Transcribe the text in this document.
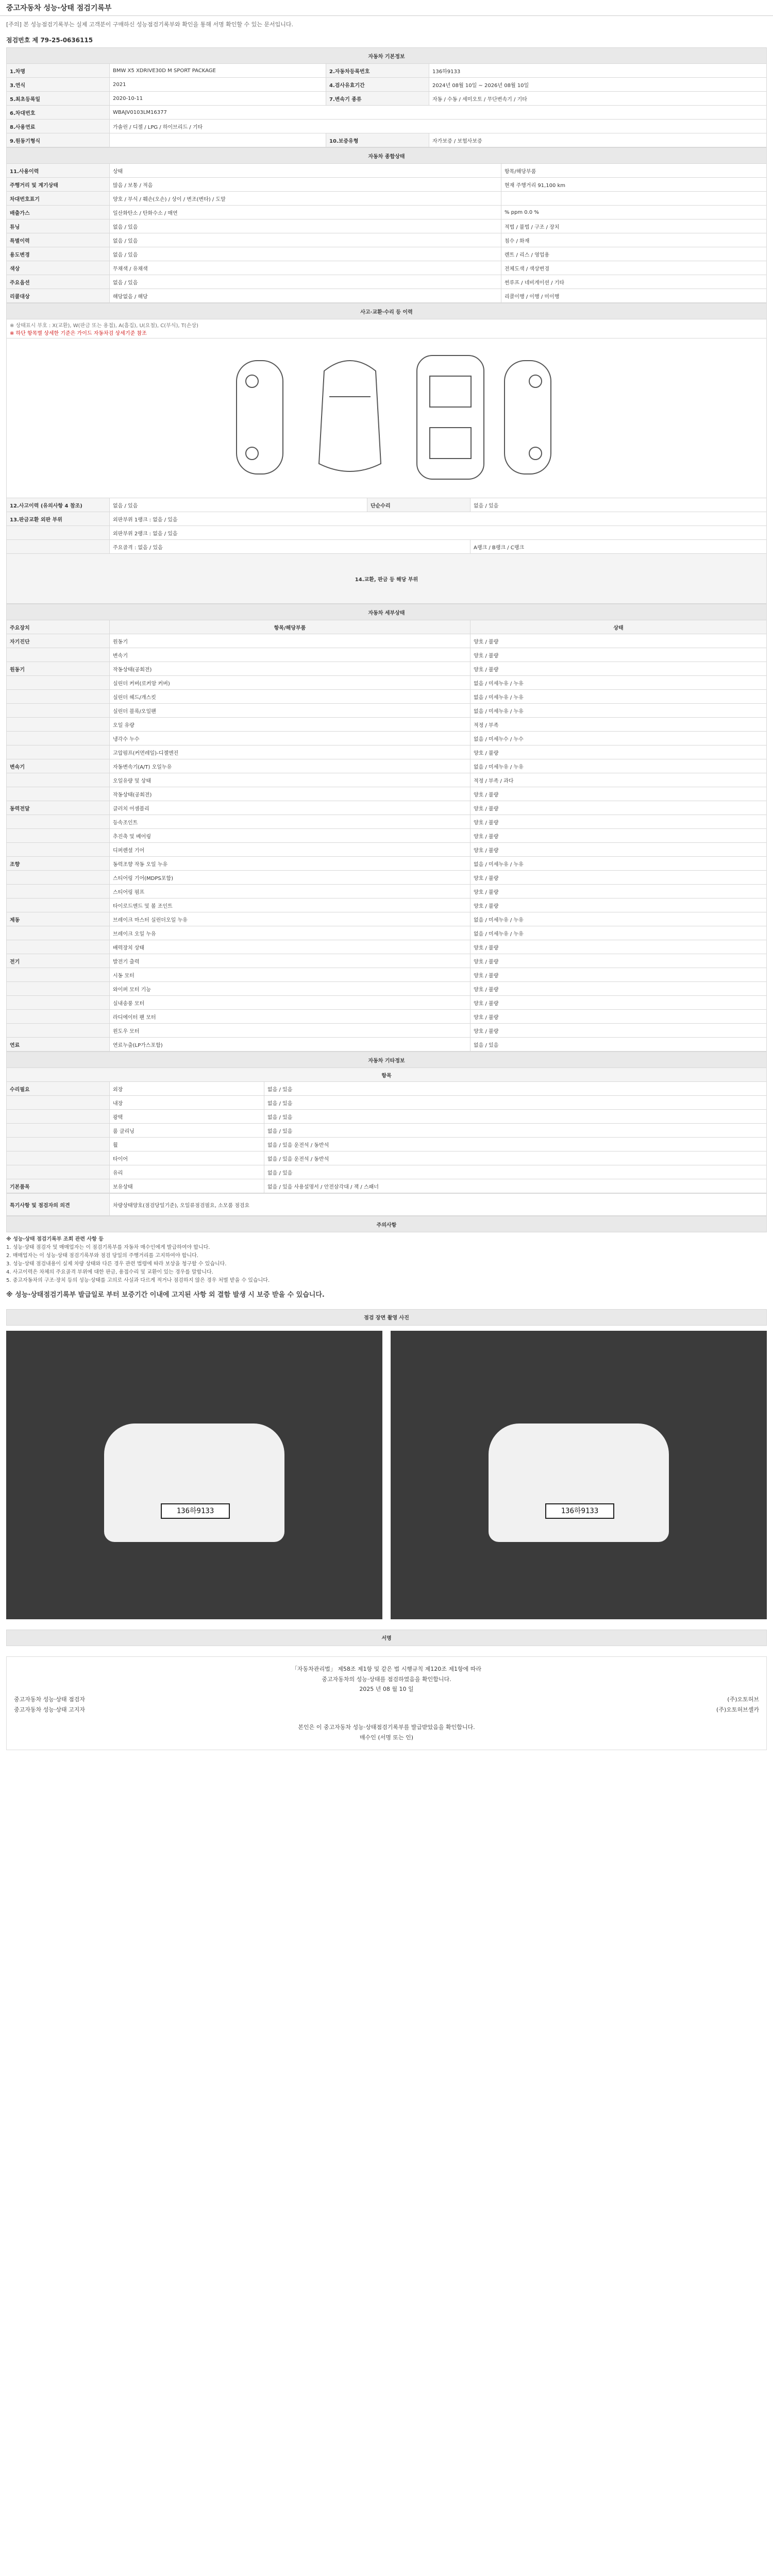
중고자동차 성능·상태 점검기록부
[주의] 본 성능점검기록부는 실제 고객분이 구매하신 성능점검기록부와 확인을 통해 서명 확인할 수 있는 문서입니다.
점검번호 제 79-25-0636115
자동차 기본정보			
1.차명	BMW X5 XDRIVE30D M SPORT PACKAGE	2.자동차등록번호	136하9133
3.연식	2021	4.검사유효기간	2024년 08월 10일 ~ 2026년 08월 10일
5.최초등록일	2020-10-11	7.변속기 종류	자동 / 수동 / 세미오토 / 무단변속기 / 기타
6.차대번호	WBAJV0103LM16377		
8.사용연료	가솔린 / 디젤 / LPG / 하이브리드 / 기타		
9.원동기형식		10.보증유형	자가보증 / 보험사보증
자동차 종합상태		
11.사용이력	상태	항목/해당부품
주행거리 및 계기상태	많음 / 보통 / 적음	현재 주행거리 91,100 km
차대번호표기	양호 / 부식 / 훼손(오손) / 상이 / 변조(변타) / 도말	
배출가스	일산화탄소 / 탄화수소 / 매연	% ppm 0.0 %
튜닝	없음 / 있음	적법 / 불법 / 구조 / 장치
특별이력	없음 / 있음	침수 / 화재
용도변경	없음 / 있음	렌트 / 리스 / 영업용
색상	무채색 / 유채색	전체도색 / 색상변경
주요옵션	없음 / 있음	썬루프 / 네비게이션 / 기타
리콜대상	해당없음 / 해당	리콜이행 / 이행 / 미이행
사고·교환·수리 등 이력			

※ 상태표시 부호 : X(교환), W(판금 또는 용접), A(흠집), U(요철), C(부식), T(손상)
※ 하단 항목별 상세한 기준은 가이드 자동차검 상세기준 참조			

12.사고이력 (유의사항 4 참조)	없음 / 있음	단순수리	없음 / 있음
13.판금교환 외판 부위	외판부위 1랭크 : 없음 / 있음		
	외판부위 2랭크 : 없음 / 있음		
	주요골격 : 없음 / 있음		A랭크 / B랭크 / C랭크
14.교환, 판금 등 해당 부위			
자동차 세부상태		
주요장치	항목/해당부품	상태
자기진단	원동기	양호 / 불량
	변속기	양호 / 불량
원동기	작동상태(공회전)	양호 / 불량
	실린더 커버(로커암 커버)	없음 / 미세누유 / 누유
	실린더 헤드/개스킷	없음 / 미세누유 / 누유
	실린더 블록/오일팬	없음 / 미세누유 / 누유
	오일 유량	적정 / 부족
	냉각수 누수	없음 / 미세누수 / 누수
	고압펌프(커먼레일)-디젤엔진	양호 / 불량
변속기	자동변속기(A/T) 오일누유	없음 / 미세누유 / 누유
	오일유량 및 상태	적정 / 부족 / 과다
	작동상태(공회전)	양호 / 불량
동력전달	클러치 어셈블리	양호 / 불량
	등속조인트	양호 / 불량
	추진축 및 베어링	양호 / 불량
	디퍼렌셜 기어	양호 / 불량
조향	동력조향 작동 오일 누유	없음 / 미세누유 / 누유
	스티어링 기어(MDPS포함)	양호 / 불량
	스티어링 펌프	양호 / 불량
	타이로드엔드 및 볼 조인트	양호 / 불량
제동	브레이크 마스터 실린더오일 누유	없음 / 미세누유 / 누유
	브레이크 오일 누유	없음 / 미세누유 / 누유
	배력장치 상태	양호 / 불량
전기	발전기 출력	양호 / 불량
	시동 모터	양호 / 불량
	와이퍼 모터 기능	양호 / 불량
	실내송풍 모터	양호 / 불량
	라디에이터 팬 모터	양호 / 불량
	윈도우 모터	양호 / 불량
연료	연료누출(LP가스포함)	없음 / 있음
자동차 기타정보		
항목		
수리필요	외장	없음 / 있음
	내장	없음 / 있음
	광택	없음 / 있음
	룸 클리닝	없음 / 있음
	휠	없음 / 있음 운전석 / 동반석
	타이어	없음 / 있음 운전석 / 동반석
	유리	없음 / 있음
기본품목	보유상태	없음 / 있음 사용설명서 / 안전삼각대 / 잭 / 스패너
특기사항 및 점검자의 의견	차량상태양호(점검당일기준), 오일류점검필요, 소모품 점검요
주의사항
※ 성능·상태 점검기록부 조회 관련 사항 등
1. 성능·상태 점검자 및 매매업자는 이 점검기록부를 자동차 매수인에게 발급하여야 합니다.
2. 매매업자는 이 성능·상태 점검기록부와 점검 당일의 주행거리를 고지하여야 합니다.
3. 성능·상태 점검내용이 실제 차량 상태와 다른 경우 관련 법령에 따라 보상을 청구할 수 있습니다.
4. 사고이력은 차체의 주요골격 부위에 대한 판금, 용접수리 및 교환이 있는 경우를 말합니다.
5. 중고자동차의 구조·장치 등의 성능·상태를 고의로 사실과 다르게 적거나 점검하지 않은 경우 처벌 받을 수 있습니다.
※ 성능·상태점검기록부 발급일로 부터 보증기간 이내에 고지된 사항 외 결함 발생 시 보증 받을 수 있습니다.
점검 장면 촬영 사진
136하9133	136하9133
서명
「자동차관리법」 제58조 제1항 및 같은 법 시행규칙 제120조 제1항에 따라
중고자동차의 성능·상태를 점검하였음을 확인합니다.
2025 년 08 월 10 일
중고자동차 성능·상태 점검자	(주)오토허브
중고자동차 성능·상태 고지자	(주)오토허브셀카
본인은 이 중고자동차 성능·상태점검기록부를 발급받았음을 확인합니다.
매수인 (서명 또는 인)
